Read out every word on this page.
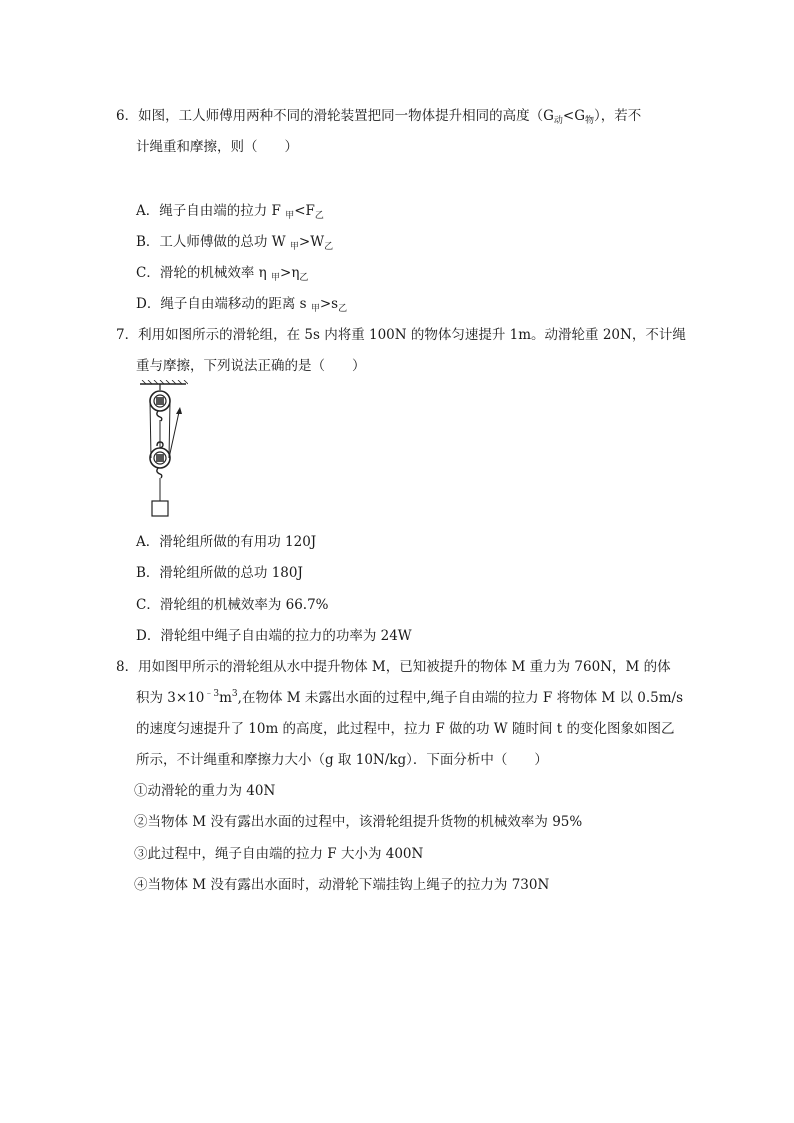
6．如图，工人师傅用两种不同的滑轮装置把同一物体提升相同的高度$(G_动<G_物)$，若不
计绳重和摩擦，则（　　）
A．绳子自由端的拉力 F $_甲<F_乙$
B．工人师傅做的总功 W $_甲>W_乙$
C．滑轮的机械效率 η $_甲>\eta_乙$
D．绳子自由端移动的距离 s $_甲>s_乙$
7．利用如图所示的滑轮组，在 5s 内将重 100N 的物体匀速提升 1m。动滑轮重 20N，不计绳
重与摩擦，下列说法正确的是（　　）
A．滑轮组所做的有用功 120J
B．滑轮组所做的总功 180J
C．滑轮组的机械效率为 66.7%
D．滑轮组中绳子自由端的拉力的功率为 24W
8．用如图甲所示的滑轮组从水中提升物体 M，已知被提升的物体 M 重力为 760N，M 的体
积为 $3\times 10^{﹣3}m^3$,在物体 M 未露出水面的过程中,绳子自由端的拉力 F 将物体 M 以 0.5m/s
的速度匀速提升了 10m 的高度，此过程中，拉力 F 做的功 W 随时间 t 的变化图象如图乙
所示，不计绳重和摩擦力大小（g 取 10N/kg）．下面分析中（　　）
①动滑轮的重力为 40N
②当物体 M 没有露出水面的过程中，该滑轮组提升货物的机械效率为 95%
③此过程中，绳子自由端的拉力 F 大小为 400N
④当物体 M 没有露出水面时，动滑轮下端挂钩上绳子的拉力为 730N
